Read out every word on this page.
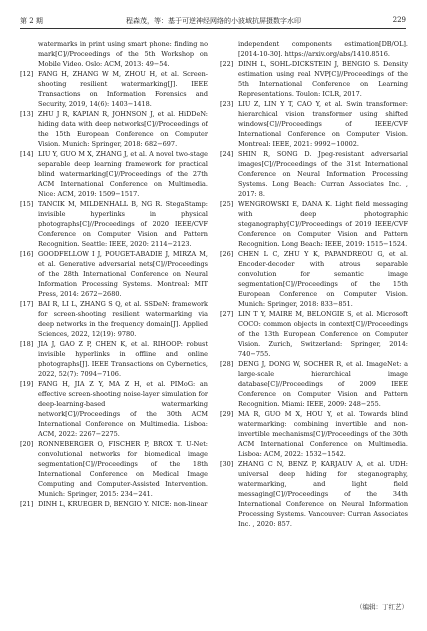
第 2 期	程森茂，等：基于可逆神经网络的小波域抗屏摄数字水印	229
watermarks in print using smart phone: finding no mark[C]//Proceedings of the 5th Workshop on Mobile Video. Oslo: ACM, 2013: 49−54.
[12] FANG H, ZHANG W M, ZHOU H, et al. Screen-shooting resilient watermarking[J]. IEEE Transactions on Information Forensics and Security, 2019, 14(6): 1403−1418.
[13] ZHU J R, KAPIAN R, JOHNSON J, et al. HiDDeN: hiding data with deep networks[C]//Proceedings of the 15th European Conference on Computer Vision. Munich: Springer, 2018: 682−697.
[14] LIU Y, GUO M X, ZHANG J, et al. A novel two-stage separable deep learning framework for practical blind watermarking[C]//Proceedings of the 27th ACM International Conference on Multimedia. Nice: ACM, 2019: 1509−1517.
[15] TANCIK M, MILDENHALL B, NG R. StegaStamp: invisible hyperlinks in physical photographs[C]//Proceedings of 2020 IEEE/CVF Conference on Computer Vision and Pattern Recognition. Seattle: IEEE, 2020: 2114−2123.
[16] GOODFELLOW I J, POUGET-ABADIE J, MIRZA M, et al. Generative adversarial nets[C]//Proceedings of the 28th International Conference on Neural Information Processing Systems. Montreal: MIT Press, 2014: 2672−2680.
[17] BAI R, LI L, ZHANG S Q, et al. SSDeN: framework for screen-shooting resilient watermarking via deep networks in the frequency domain[J]. Applied Sciences, 2022, 12(19): 9780.
[18] JIA J, GAO Z P, CHEN K, et al. RIHOOP: robust invisible hyperlinks in offline and online photographs[J]. IEEE Transactions on Cybernetics, 2022, 52(7): 7094−7106.
[19] FANG H, JIA Z Y, MA Z H, et al. PIMoG: an effective screen-shooting noise-layer simulation for deep-learning-based watermarking network[C]//Proceedings of the 30th ACM International Conference on Multimedia. Lisboa: ACM, 2022: 2267−2275.
[20] RONNEBERGER O, FISCHER P, BROX T. U-Net: convolutional networks for biomedical image segmentation[C]//Proceedings of the 18th International Conference on Medical Image Computing and Computer-Assisted Intervention. Munich: Springer, 2015: 234−241.
[21] DINH L, KRUEGER D, BENGIO Y. NICE: non-linear
independent components estimation[DB/OL]. [2014-10-30]. https://arxiv.org/abs/1410.8516.
[22] DINH L, SOHL-DICKSTEIN J, BENGIO S. Density estimation using real NVP[C]//Proceedings of the 5th International Conference on Learning Representations. Toulon: ICLR, 2017.
[23] LIU Z, LIN Y T, CAO Y, et al. Swin transformer: hierarchical vision transformer using shifted windows[C]//Proceedings of IEEE/CVF International Conference on Computer Vision. Montreal: IEEE, 2021: 9992−10002.
[24] SHIN R, SONG D. Jpeg-resistant adversarial images[C]//Proceedings of the 31st International Conference on Neural Information Processing Systems. Long Beach: Curran Associates Inc. , 2017: 8.
[25] WENGROWSKI E, DANA K. Light field messaging with deep photographic steganography[C]//Proceedings of 2019 IEEE/CVF Conference on Computer Vision and Pattern Recognition. Long Beach: IEEE, 2019: 1515−1524.
[26] CHEN L C, ZHU Y K, PAPANDREOU G, et al. Encoder-decoder with atrous separable convolution for semantic image segmentation[C]//Proceedings of the 15th European Conference on Computer Vision. Munich: Springer, 2018: 833−851.
[27] LIN T Y, MAIRE M, BELONGIE S, et al. Microsoft COCO: common objects in context[C]//Proceedings of the 13th European Conference on Computer Vision. Zurich, Switzerland: Springer, 2014: 740−755.
[28] DENG J, DONG W, SOCHER R, et al. ImageNet: a large-scale hierarchical image database[C]//Proceedings of 2009 IEEE Conference on Computer Vision and Pattern Recognition. Miami: IEEE, 2009: 248−255.
[29] MA R, GUO M X, HOU Y, et al. Towards blind watermarking: combining invertible and non-invertible mechanisms[C]//Proceedings of the 30th ACM International Conference on Multimedia. Lisboa: ACM, 2022: 1532−1542.
[30] ZHANG C N, BENZ P, KARJAUV A, et al. UDH: universal deep hiding for steganography, watermarking, and light field messaging[C]//Proceedings of the 34th International Conference on Neural Information Processing Systems. Vancouver: Curran Associates Inc. , 2020: 857.
（编辑：丁红艺）
